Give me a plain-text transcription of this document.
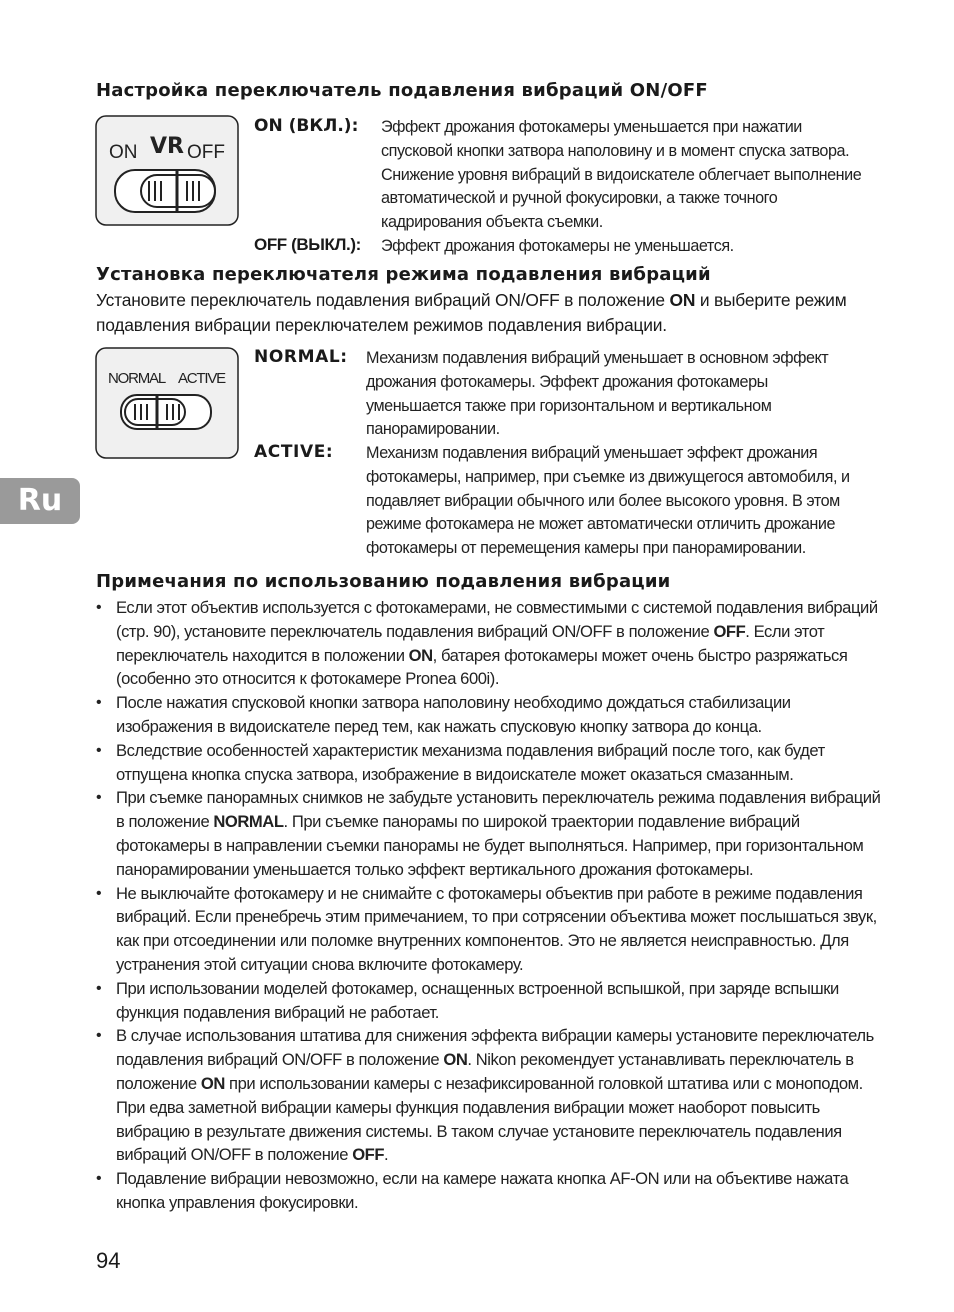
Настройка переключатель подавления вибраций ON/OFF
ON VR OFF
ON (ВКЛ.): Эффект дрожания фотокамеры уменьшается при нажатии спусковой кнопки затвора наполовину и в момент спуска затвора. Снижение уровня вибраций в видоискателе облегчает выполнение автоматической и ручной фокусировки, а также точного кадрирования объекта съемки.
OFF (ВЫКЛ.): Эффект дрожания фотокамеры не уменьшается.
Установка переключателя режима подавления вибраций

Установите переключатель подавления вибраций ON/OFF в положение ON и выберите режим подавления вибрации переключателем режимов подавления вибрации.

NORMAL ACTIVE
NORMAL: Механизм подавления вибраций уменьшает в основном эффект дрожания фотокамеры. Эффект дрожания фотокамеры уменьшается также при горизонтальном и вертикальном панорамировании.
ACTIVE: Механизм подавления вибраций уменьшает эффект дрожания фотокамеры, например, при съемке из движущегося автомобиля, и подавляет вибрации обычного или более высокого уровня. В этом режиме фотокамера не может автоматически отличить дрожание фотокамеры от перемещения камеры при панорамировании.
Ru
Примечания по использованию подавления вибрации
• Если этот объектив используется с фотокамерами, не совместимыми с системой подавления вибраций (стр. 90), установите переключатель подавления вибраций ON/OFF в положение OFF. Если этот переключатель находится в положении ON, батарея фотокамеры может очень быстро разряжаться (особенно это относится к фотокамере Pronea 600i).
• После нажатия спусковой кнопки затвора наполовину необходимо дождаться стабилизации изображения в видоискателе перед тем, как нажать спусковую кнопку затвора до конца.
• Вследствие особенностей характеристик механизма подавления вибраций после того, как будет отпущена кнопка спуска затвора, изображение в видоискателе может оказаться смазанным.
• При съемке панорамных снимков не забудьте установить переключатель режима подавления вибраций в положение NORMAL. При съемке панорамы по широкой траектории подавление вибраций фотокамеры в направлении съемки панорамы не будет выполняться. Например, при горизонтальном панорамировании уменьшается только эффект вертикального дрожания фотокамеры.
• Не выключайте фотокамеру и не снимайте с фотокамеры объектив при работе в режиме подавления вибраций. Если пренебречь этим примечанием, то при сотрясении объектива может послышаться звук, как при отсоединении или поломке внутренних компонентов. Это не является неисправностью. Для устранения этой ситуации снова включите фотокамеру.
• При использовании моделей фотокамер, оснащенных встроенной вспышкой, при заряде вспышки функция подавления вибраций не работает.
• В случае использования штатива для снижения эффекта вибрации камеры установите переключатель подавления вибраций ON/OFF в положение ON. Nikon рекомендует устанавливать переключатель в положение ON при использовании камеры с незафиксированной головкой штатива или с моноподом. При едва заметной вибрации камеры функция подавления вибрации может наоборот повысить вибрацию в результате движения системы. В таком случае установите переключатель подавления вибраций ON/OFF в положение OFF.
• Подавление вибрации невозможно, если на камере нажата кнопка AF-ON или на объективе нажата кнопка управления фокусировки.
94
